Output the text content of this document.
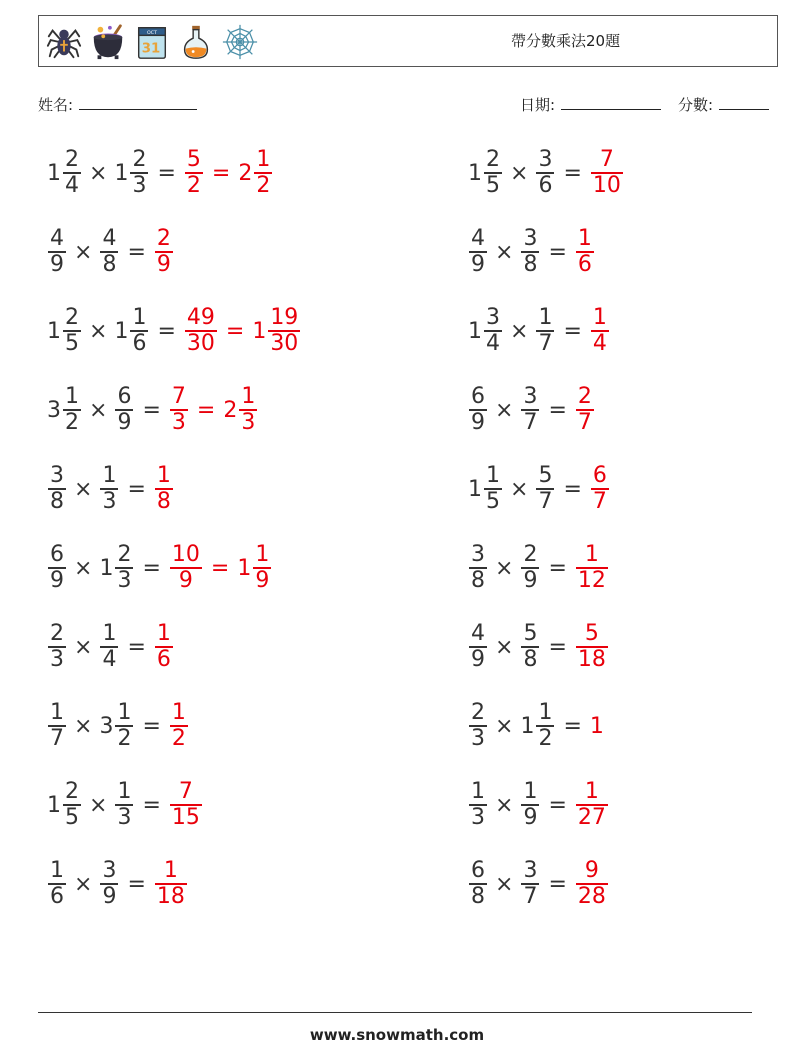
OCT
31	帶分數乘法20題
姓名:	日期:	分數:
$1 \frac{2}{4} \times 1 \frac{2}{3} = \frac{5}{2} = 2 \frac{1}{2}$
$\frac{4}{9} \times \frac{4}{8} = \frac{2}{9}$
$1 \frac{2}{5} \times 1 \frac{1}{6} = \frac{49}{30} = 1 \frac{19}{30}$
$3 \frac{1}{2} \times \frac{6}{9} = \frac{7}{3} = 2 \frac{1}{3}$
$\frac{3}{8} \times \frac{1}{3} = \frac{1}{8}$
$\frac{6}{9} \times 1 \frac{2}{3} = \frac{10}{9} = 1 \frac{1}{9}$
$\frac{2}{3} \times \frac{1}{4} = \frac{1}{6}$
$\frac{1}{7} \times 3 \frac{1}{2} = \frac{1}{2}$
$1 \frac{2}{5} \times \frac{1}{3} = \frac{7}{15}$
$\frac{1}{6} \times \frac{3}{9} = \frac{1}{18}$
$1 \frac{2}{5} \times \frac{3}{6} = \frac{7}{10}$
$\frac{4}{9} \times \frac{3}{8} = \frac{1}{6}$
$1 \frac{3}{4} \times \frac{1}{7} = \frac{1}{4}$
$\frac{6}{9} \times \frac{3}{7} = \frac{2}{7}$
$1 \frac{1}{5} \times \frac{5}{7} = \frac{6}{7}$
$\frac{3}{8} \times \frac{2}{9} = \frac{1}{12}$
$\frac{4}{9} \times \frac{5}{8} = \frac{5}{18}$
$\frac{2}{3} \times 1 \frac{1}{2} = 1$
$\frac{1}{3} \times \frac{1}{9} = \frac{1}{27}$
$\frac{6}{8} \times \frac{3}{7} = \frac{9}{28}$
www.snowmath.com
